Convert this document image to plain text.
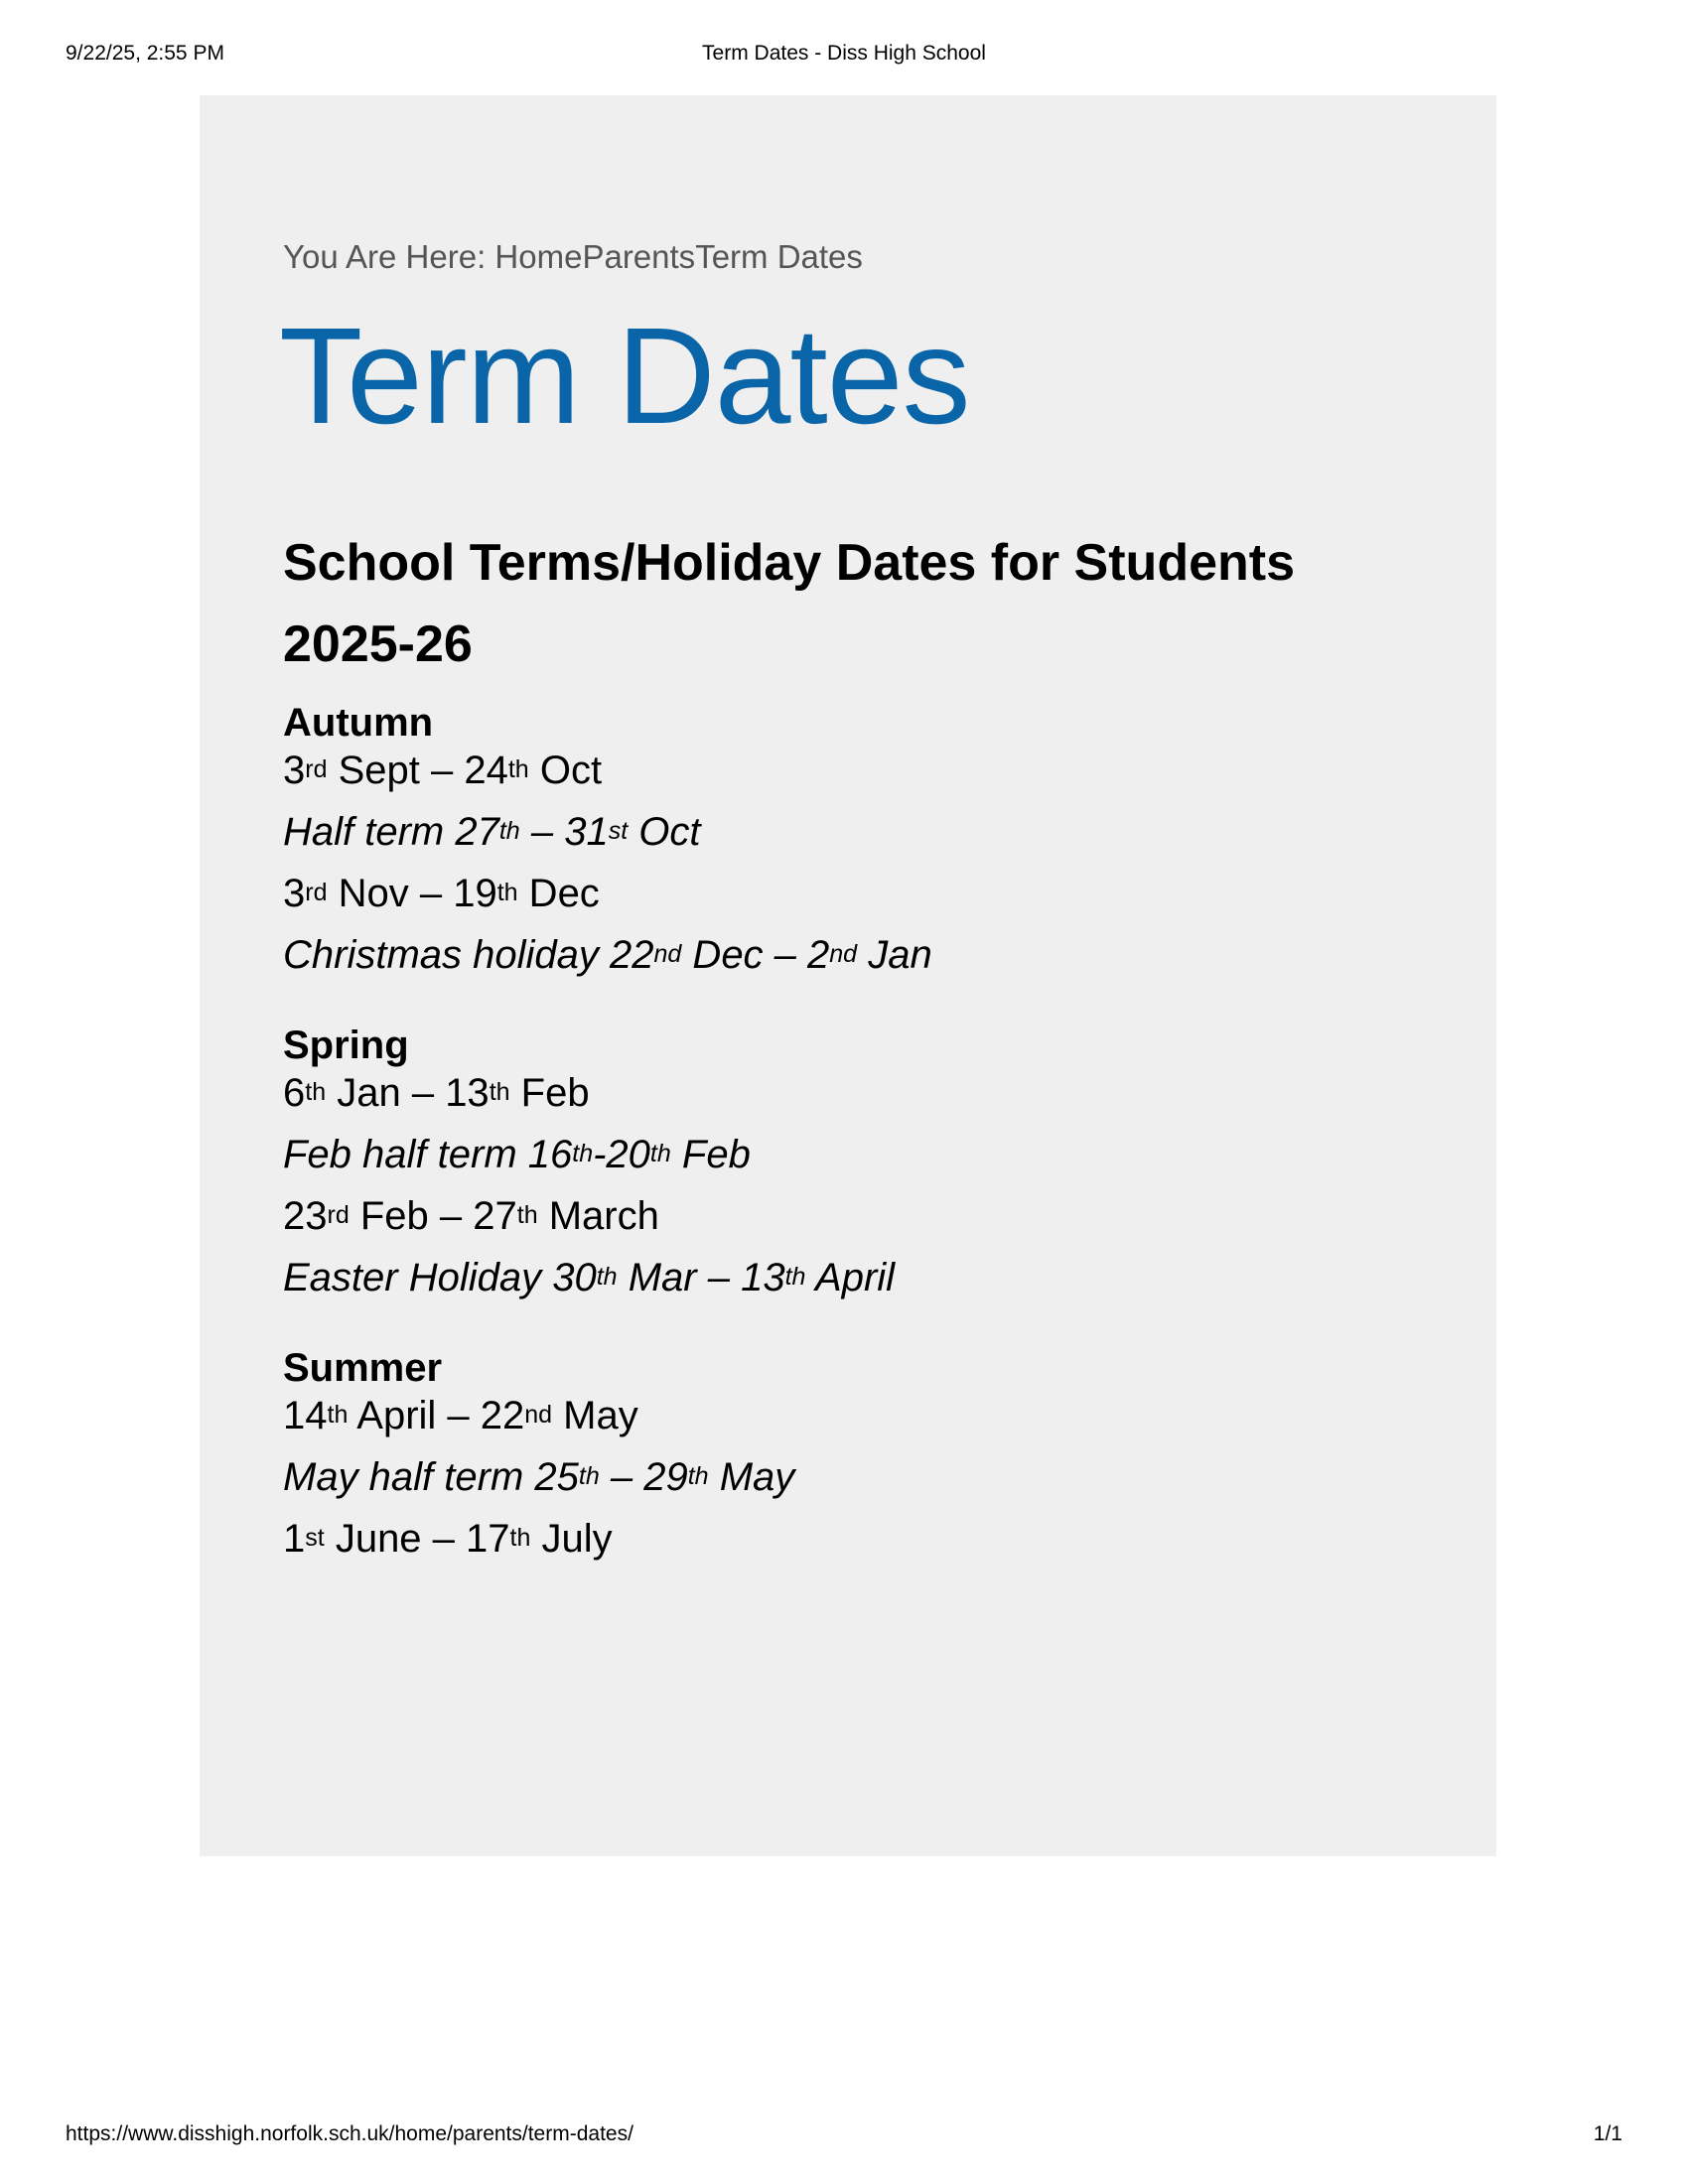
9/22/25, 2:55 PM	Term Dates - Diss High School
You Are Here: HomeParentsTerm Dates
Term Dates
School Terms/Holiday Dates for Students 2025-26
Autumn
3rd Sept – 24th Oct
Half term 27th – 31st Oct
3rd Nov – 19th Dec
Christmas holiday 22nd Dec – 2nd Jan
Spring
6th Jan – 13th Feb
Feb half term 16th-20th Feb
23rd Feb – 27th March
Easter Holiday 30th Mar – 13th April
Summer
14th April – 22nd May
May half term 25th – 29th May
1st June – 17th July
https://www.disshigh.norfolk.sch.uk/home/parents/term-dates/	1/1
